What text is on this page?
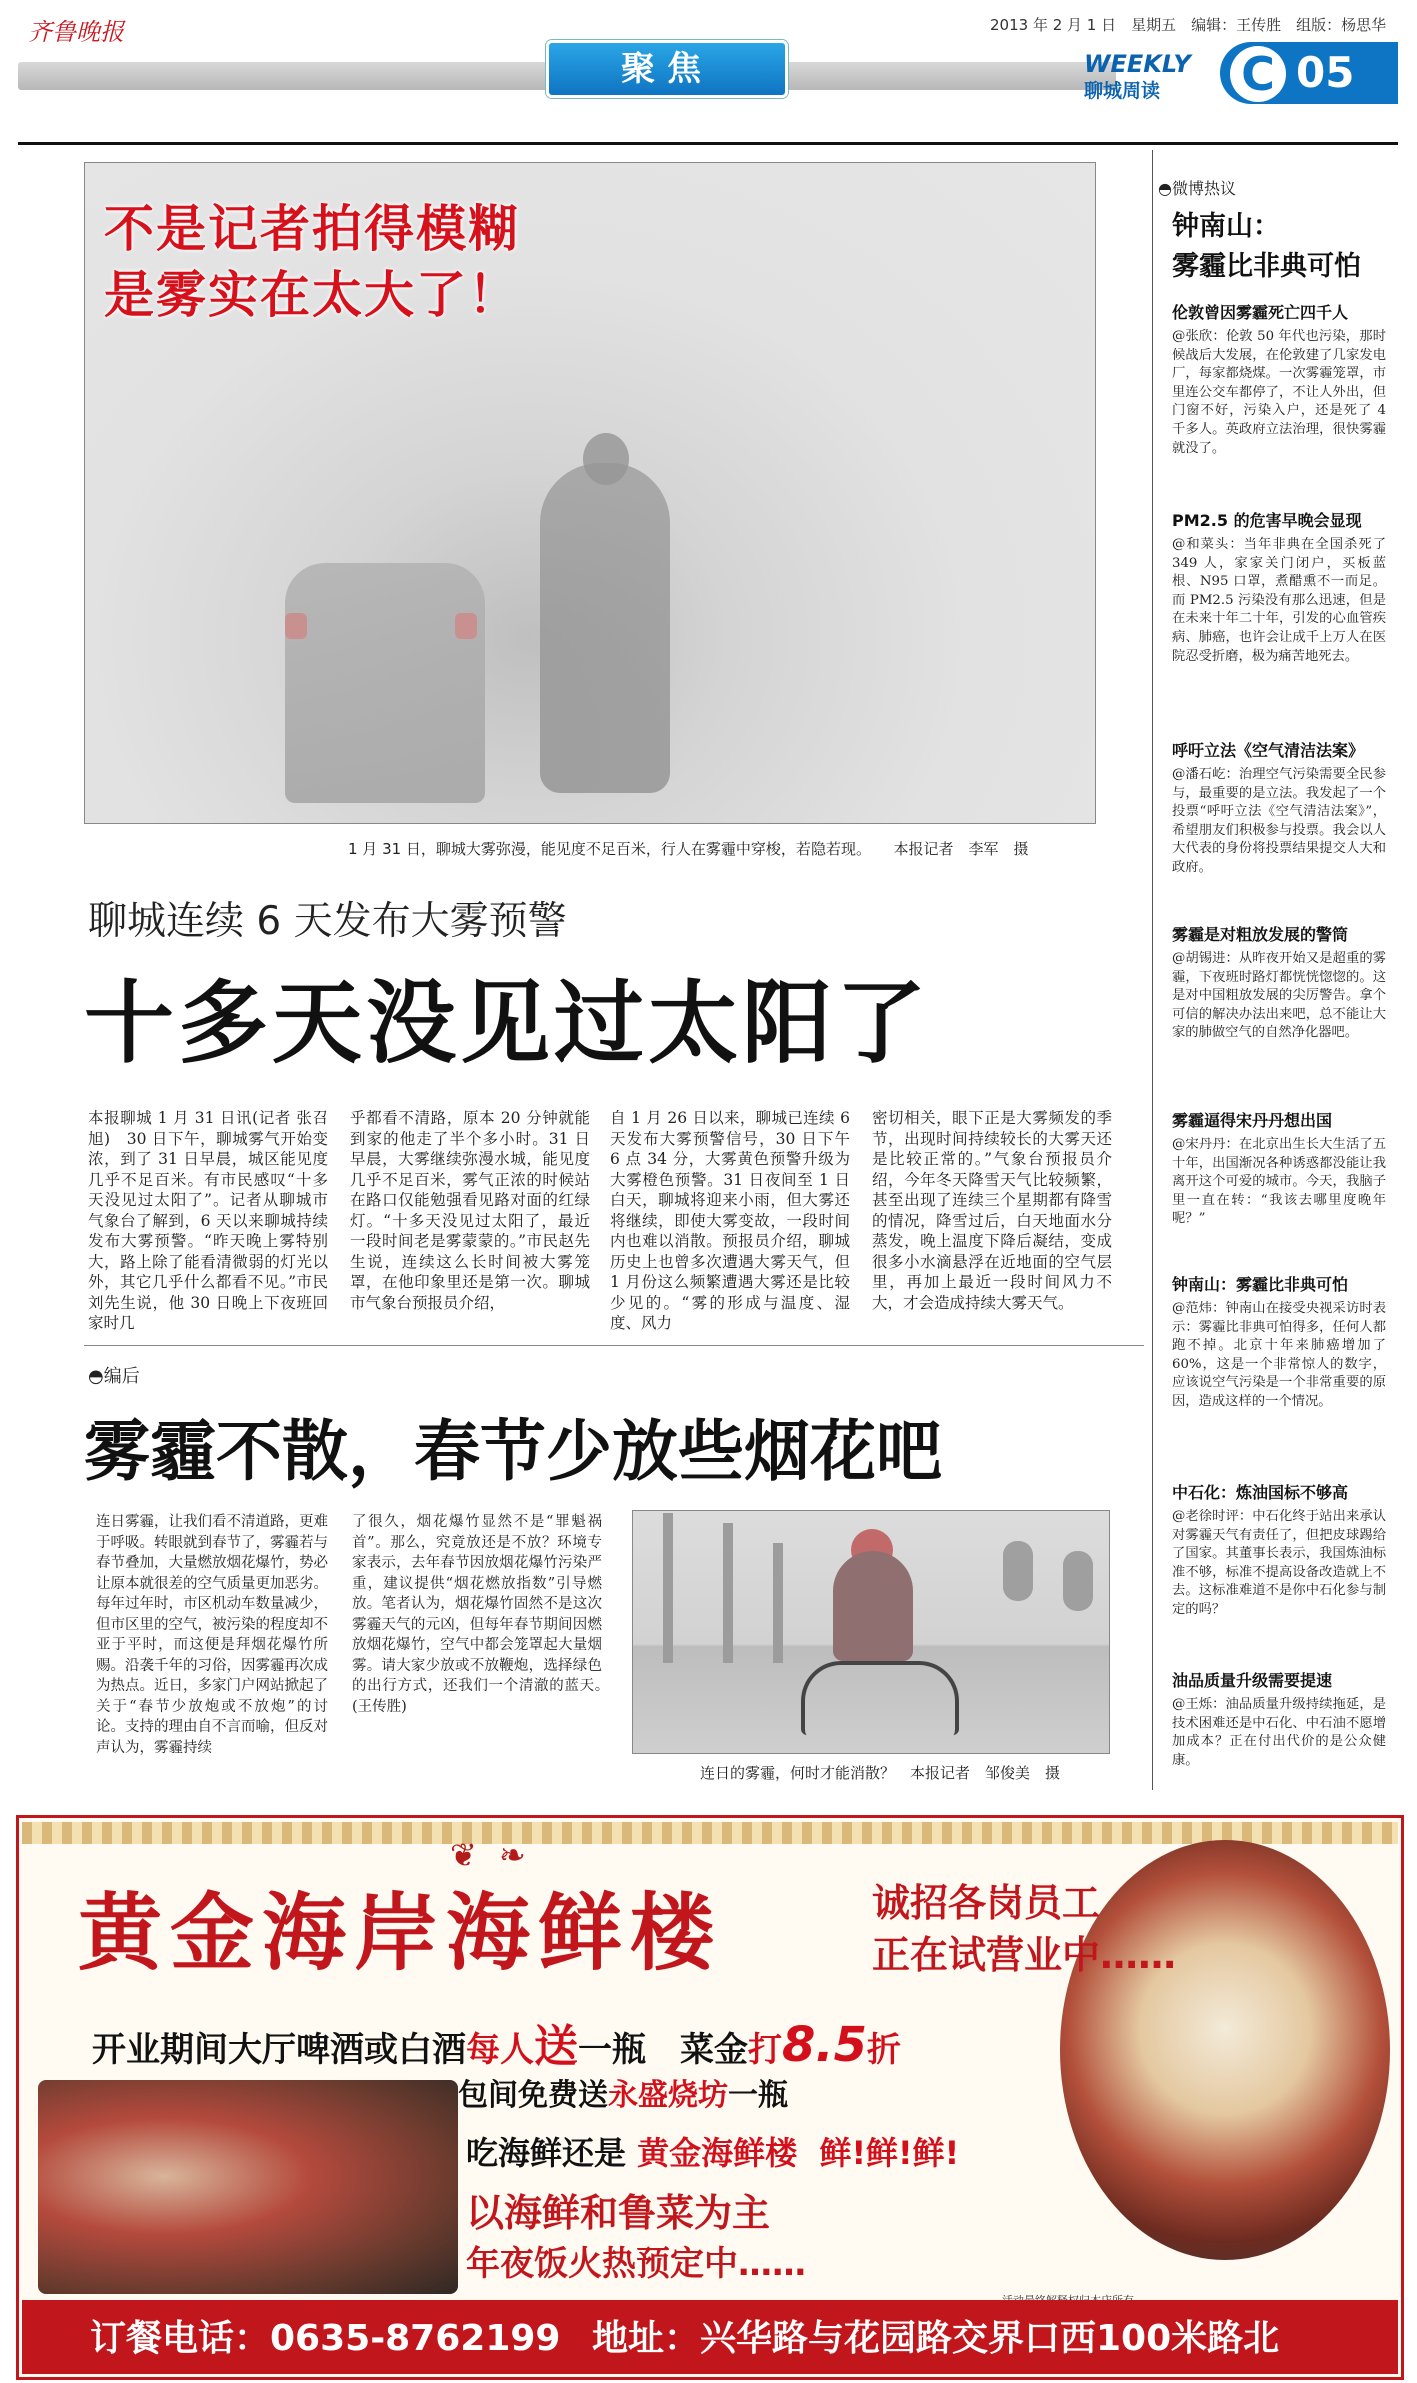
齐鲁晚报	2013 年 2 月 1 日　星期五　编辑：王传胜　组版：杨思华
聚焦	WEEKLY
聊城周读 C 05
不是记者拍得模糊
是雾实在太大了！
1 月 31 日，聊城大雾弥漫，能见度不足百米，行人在雾霾中穿梭，若隐若现。　　本报记者　李军　摄
聊城连续 6 天发布大雾预警
十多天没见过太阳了

本报聊城 1 月 31 日讯(记者 张召旭)　30 日下午，聊城雾气开始变浓，到了 31 日早晨，城区能见度几乎不足百米。有市民感叹“十多天没见过太阳了”。记者从聊城市气象台了解到，6 天以来聊城持续发布大雾预警。“昨天晚上雾特别大，路上除了能看清微弱的灯光以外，其它几乎什么都看不见。”市民刘先生说，他 30 日晚上下夜班回家时几

乎都看不清路，原本 20 分钟就能到家的他走了半个多小时。31 日早晨，大雾继续弥漫水城，能见度几乎不足百米，雾气正浓的时候站在路口仅能勉强看见路对面的红绿灯。“十多天没见过太阳了，最近一段时间老是雾蒙蒙的。”市民赵先生说，连续这么长时间被大雾笼罩，在他印象里还是第一次。聊城市气象台预报员介绍，

自 1 月 26 日以来，聊城已连续 6 天发布大雾预警信号，30 日下午 6 点 34 分，大雾黄色预警升级为大雾橙色预警。31 日夜间至 1 日白天，聊城将迎来小雨，但大雾还将继续，即使大雾变故，一段时间内也难以消散。预报员介绍，聊城历史上也曾多次遭遇大雾天气，但 1 月份这么频繁遭遇大雾还是比较少见的。“雾的形成与温度、湿度、风力

密切相关，眼下正是大雾频发的季节，出现时间持续较长的大雾天还是比较正常的。”气象台预报员介绍，今年冬天降雪天气比较频繁，甚至出现了连续三个星期都有降雪的情况，降雪过后，白天地面水分蒸发，晚上温度下降后凝结，变成很多小水滴悬浮在近地面的空气层里，再加上最近一段时间风力不大，才会造成持续大雾天气。

◓编后
雾霾不散，春节少放些烟花吧

连日雾霾，让我们看不清道路，更难于呼吸。转眼就到春节了，雾霾若与春节叠加，大量燃放烟花爆竹，势必让原本就很差的空气质量更加恶劣。每年过年时，市区机动车数量减少，但市区里的空气，被污染的程度却不亚于平时，而这便是拜烟花爆竹所赐。沿袭千年的习俗，因雾霾再次成为热点。近日，多家门户网站掀起了关于“春节少放炮或不放炮”的讨论。支持的理由自不言而喻，但反对声认为，雾霾持续

了很久，烟花爆竹显然不是“罪魁祸首”。那么，究竟放还是不放？环境专家表示，去年春节因放烟花爆竹污染严重，建议提供“烟花燃放指数”引导燃放。笔者认为，烟花爆竹固然不是这次雾霾天气的元凶，但每年春节期间因燃放烟花爆竹，空气中都会笼罩起大量烟雾。请大家少放或不放鞭炮，选择绿色的出行方式，还我们一个清澈的蓝天。　(王传胜)

连日的雾霾，何时才能消散？　本报记者　邹俊美　摄
◓微博热议
钟南山：
雾霾比非典可怕
伦敦曾因雾霾死亡四千人

@张欣：伦敦 50 年代也污染，那时候战后大发展，在伦敦建了几家发电厂，每家都烧煤。一次雾霾笼罩，市里连公交车都停了，不让人外出，但门窗不好，污染入户，还是死了 4 千多人。英政府立法治理，很快雾霾就没了。

PM2.5 的危害早晚会显现

@和菜头：当年非典在全国杀死了 349 人，家家关门闭户，买板蓝根、N95 口罩，煮醋熏不一而足。而 PM2.5 污染没有那么迅速，但是在未来十年二十年，引发的心血管疾病、肺癌，也许会让成千上万人在医院忍受折磨，极为痛苦地死去。

呼吁立法《空气清洁法案》

@潘石屹：治理空气污染需要全民参与，最重要的是立法。我发起了一个投票“呼吁立法《空气清洁法案》”，希望朋友们积极参与投票。我会以人大代表的身份将投票结果提交人大和政府。

雾霾是对粗放发展的警筒

@胡锡进：从昨夜开始又是超重的雾霾，下夜班时路灯都恍恍惚惚的。这是对中国粗放发展的尖厉警告。拿个可信的解决办法出来吧，总不能让大家的肺做空气的自然净化器吧。

雾霾逼得宋丹丹想出国

@宋丹丹：在北京出生长大生活了五十年，出国渐况各种诱惑都没能让我离开这个可爱的城市。今天，我脑子里一直在转：“我该去哪里度晚年呢？”

钟南山：雾霾比非典可怕

@范炜：钟南山在接受央视采访时表示：雾霾比非典可怕得多，任何人都跑不掉。北京十年来肺癌增加了 60%，这是一个非常惊人的数字，应该说空气污染是一个非常重要的原因，造成这样的一个情况。

中石化：炼油国标不够高

@老徐时评：中石化终于站出来承认对雾霾天气有责任了，但把皮球踢给了国家。其董事长表示，我国炼油标准不够，标准不提高设备改造就上不去。这标准难道不是你中石化参与制定的吗？

油品质量升级需要提速

@王烁：油品质量升级持续拖延，是技术困难还是中石化、中石油不愿增加成本？正在付出代价的是公众健康。

❦ ❧
黄金海岸海鲜楼	诚招各岗员工
正在试营业中……
开业期间大厅啤酒或白酒每人送一瓶　菜金打8.5折
包间免费送永盛烧坊一瓶
吃海鲜还是 黄金海鲜楼 鲜!鲜!鲜!
以海鲜和鲁菜为主
年夜饭火热预定中……
订餐电话：0635-8762199 地址：兴华路与花园路交界口西100米路北
